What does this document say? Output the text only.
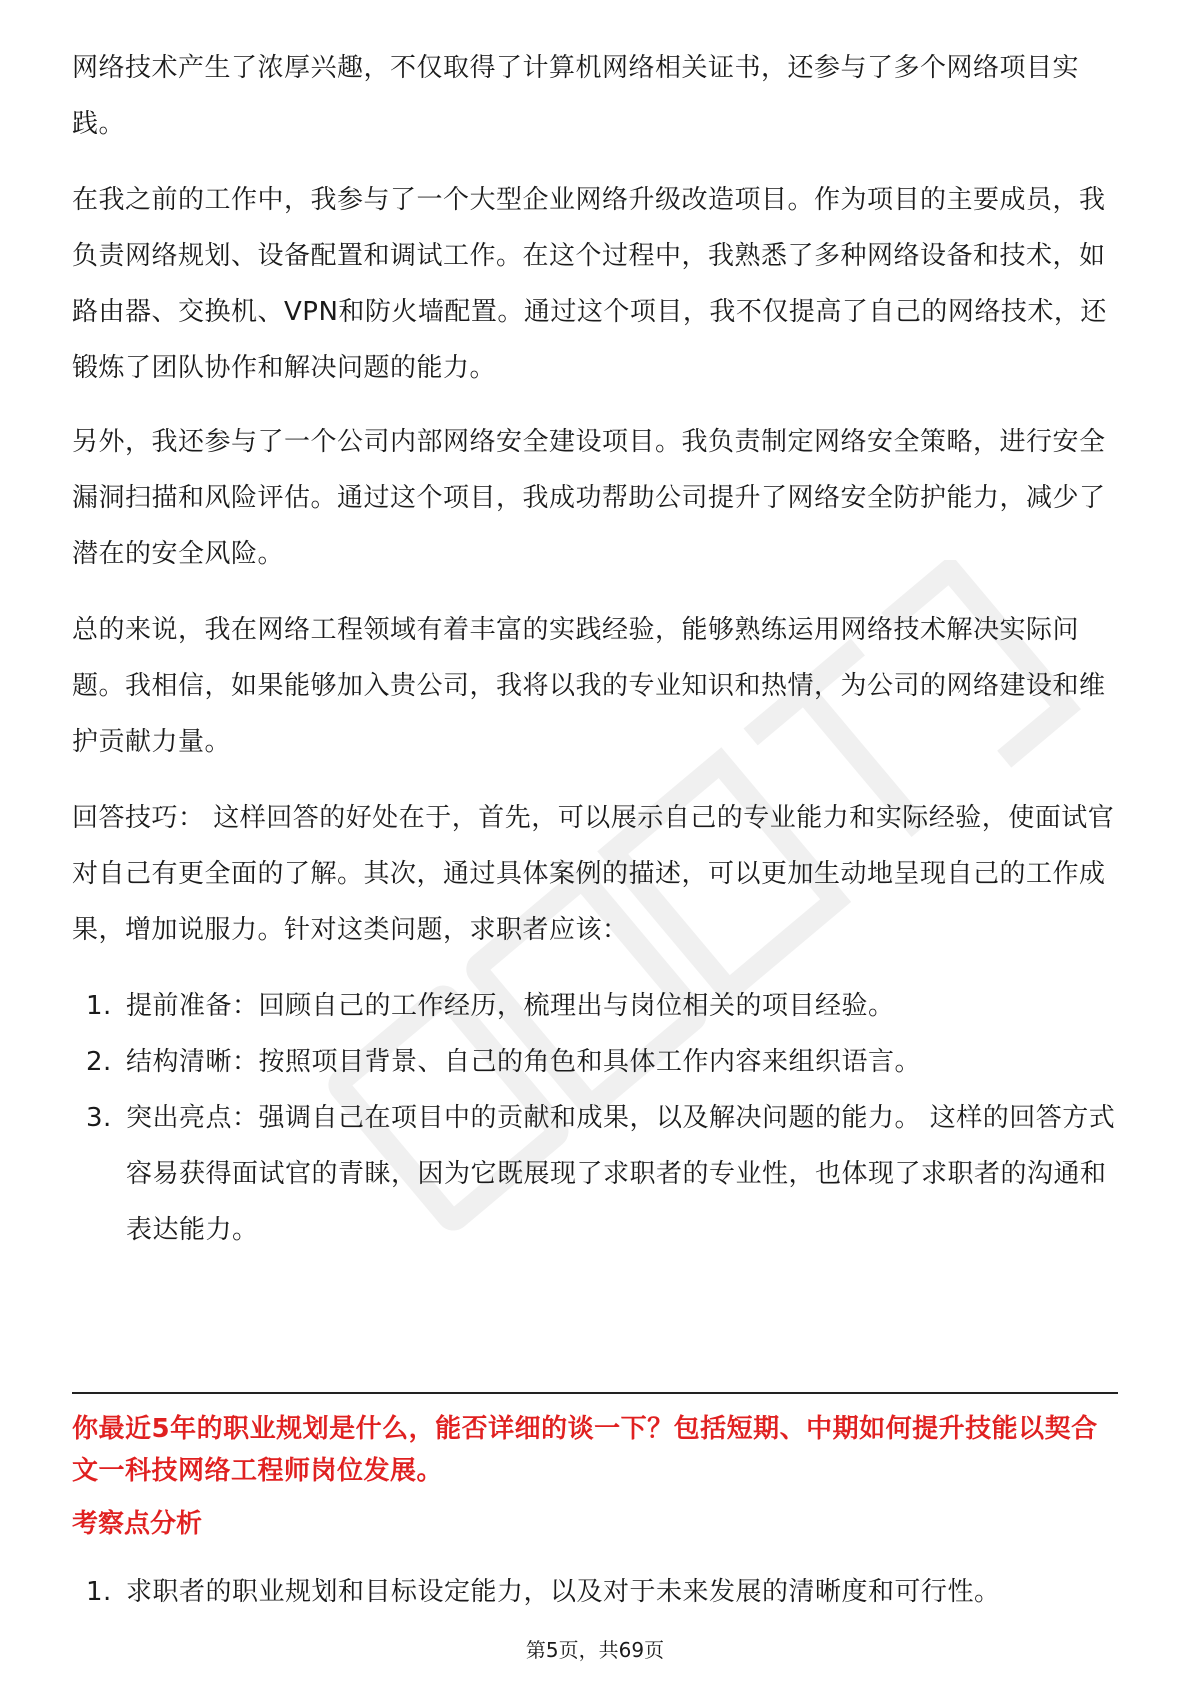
网络技术产生了浓厚兴趣，不仅取得了计算机网络相关证书，还参与了多个网络项目实践。

在我之前的工作中，我参与了一个大型企业网络升级改造项目。作为项目的主要成员，我负责网络规划、设备配置和调试工作。在这个过程中，我熟悉了多种网络设备和技术，如路由器、交换机、VPN和防火墙配置。通过这个项目，我不仅提高了自己的网络技术，还锻炼了团队协作和解决问题的能力。

另外，我还参与了一个公司内部网络安全建设项目。我负责制定网络安全策略，进行安全漏洞扫描和风险评估。通过这个项目，我成功帮助公司提升了网络安全防护能力，减少了潜在的安全风险。

总的来说，我在网络工程领域有着丰富的实践经验，能够熟练运用网络技术解决实际问题。我相信，如果能够加入贵公司，我将以我的专业知识和热情，为公司的网络建设和维护贡献力量。

回答技巧： 这样回答的好处在于，首先，可以展示自己的专业能力和实际经验，使面试官对自己有更全面的了解。其次，通过具体案例的描述，可以更加生动地呈现自己的工作成果，增加说服力。针对这类问题，求职者应该：

1. 提前准备：回顾自己的工作经历，梳理出与岗位相关的项目经验。
2. 结构清晰：按照项目背景、自己的角色和具体工作内容来组织语言。
3. 突出亮点：强调自己在项目中的贡献和成果，以及解决问题的能力。 这样的回答方式容易获得面试官的青睐，因为它既展现了求职者的专业性，也体现了求职者的沟通和表达能力。

你最近5年的职业规划是什么，能否详细的谈一下？包括短期、中期如何提升技能以契合文一科技网络工程师岗位发展。

考察点分析

1. 求职者的职业规划和目标设定能力，以及对于未来发展的清晰度和可行性。
第5页，共69页
